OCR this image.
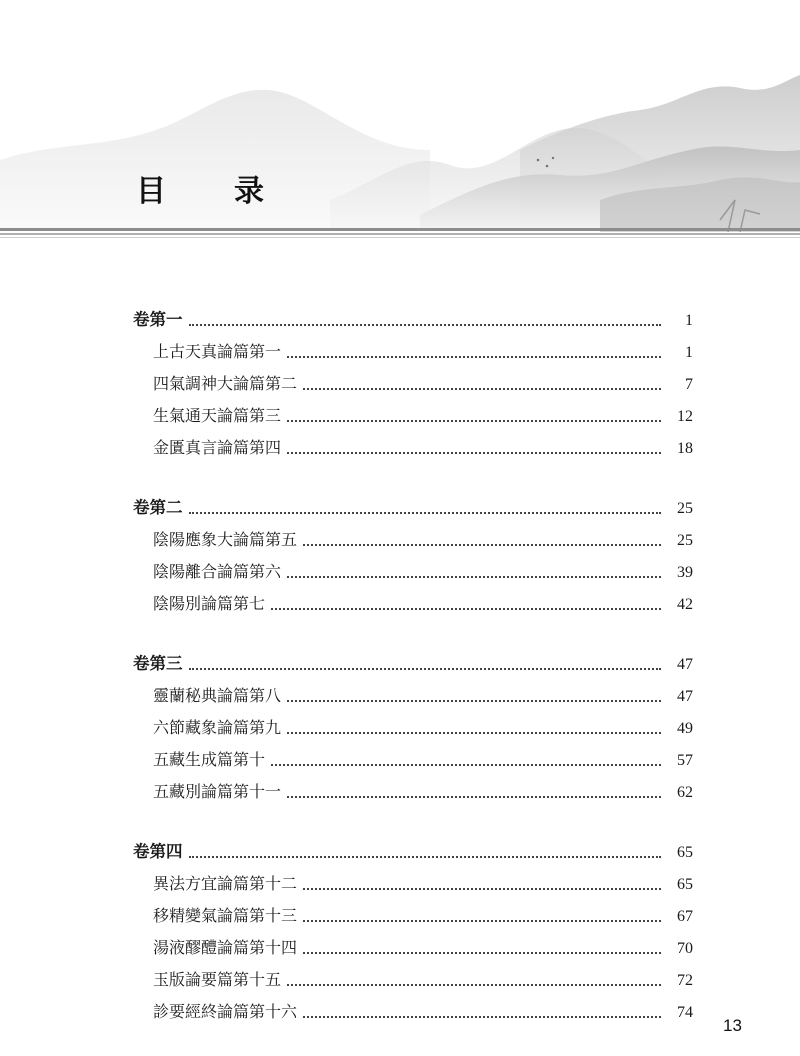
目录
卷第一	1
上古天真論篇第一	1
四氣調神大論篇第二	7
生氣通天論篇第三	12
金匱真言論篇第四	18
卷第二	25
陰陽應象大論篇第五	25
陰陽離合論篇第六	39
陰陽別論篇第七	42
卷第三	47
靈蘭秘典論篇第八	47
六節藏象論篇第九	49
五藏生成篇第十	57
五藏別論篇第十一	62
卷第四	65
異法方宜論篇第十二	65
移精變氣論篇第十三	67
湯液醪醴論篇第十四	70
玉版論要篇第十五	72
診要經終論篇第十六	74
13
